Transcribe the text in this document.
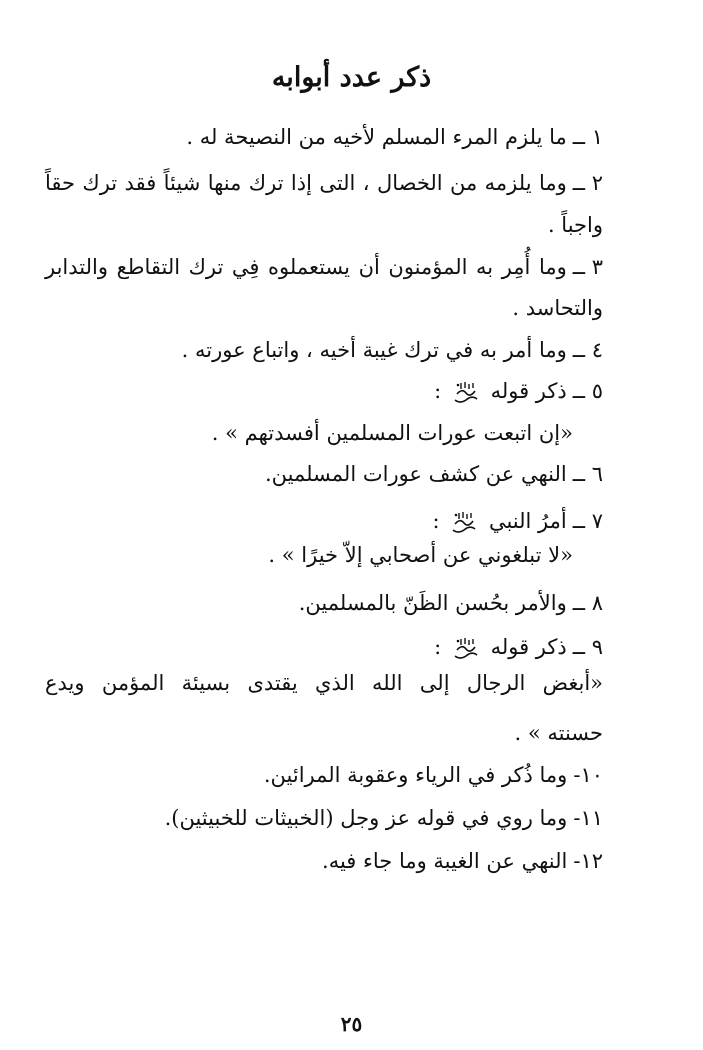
ذكر عدد أبوابه
١ ــما يلزم المرء المسلم لأخيه من النصيحة له .
٢ ــوما يلزمه من الخصال ، التى إذا ترك منها شيئاً فقد ترك حقاً
واجباً .
٣ ــوما أُمِر به المؤمنون أن يستعملوه فِي ترك التقاطع والتدابر
والتحاسد .
٤ ــوما أمر به في ترك غيبة أخيه ، واتباع عورته .
٥ ــذكر قوله  :
«إن اتبعت عورات المسلمين أفسدتهم » .
٦ ــالنهي عن كشف عورات المسلمين.
٧ ــأمرُ النبي  :
«لا تبلغوني عن أصحابي إلاّ خيرًا » .
٨ ــوالأمر بحُسن الظَنّ بالمسلمين.
٩ ــذكر قوله  :
«أبغض الرجال إلى الله الذي يقتدى بسيئة المؤمن ويدع
حسنته » .
١٠-وما ذُكر في الرياء وعقوبة المرائين.
١١-وما روي في قوله عز وجل (الخبيثات للخبيثين).
١٢-النهي عن الغيبة وما جاء فيه.
٢٥
